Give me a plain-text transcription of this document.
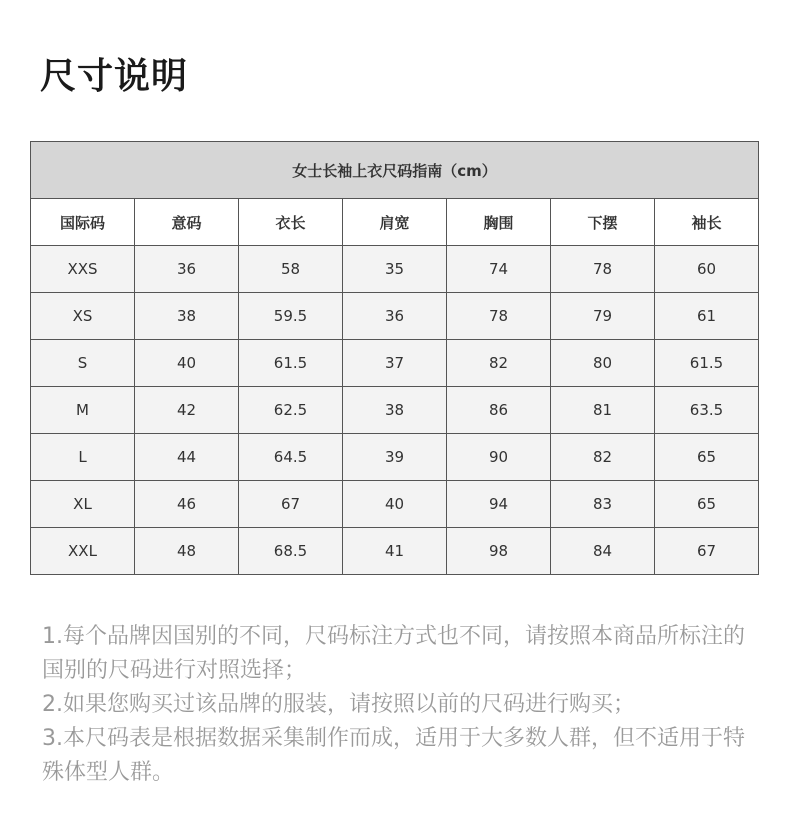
尺寸说明
女士长袖上衣尺码指南（cm）						
国际码	意码	衣长	肩宽	胸围	下摆	袖长
XXS	36	58	35	74	78	60
XS	38	59.5	36	78	79	61
S	40	61.5	37	82	80	61.5
M	42	62.5	38	86	81	63.5
L	44	64.5	39	90	82	65
XL	46	67	40	94	83	65
XXL	48	68.5	41	98	84	67

1.每个品牌因国别的不同，尺码标注方式也不同，请按照本商品所标注的国别的尺码进行对照选择；

2.如果您购买过该品牌的服装，请按照以前的尺码进行购买；

3.本尺码表是根据数据采集制作而成，适用于大多数人群，但不适用于特殊体型人群。
